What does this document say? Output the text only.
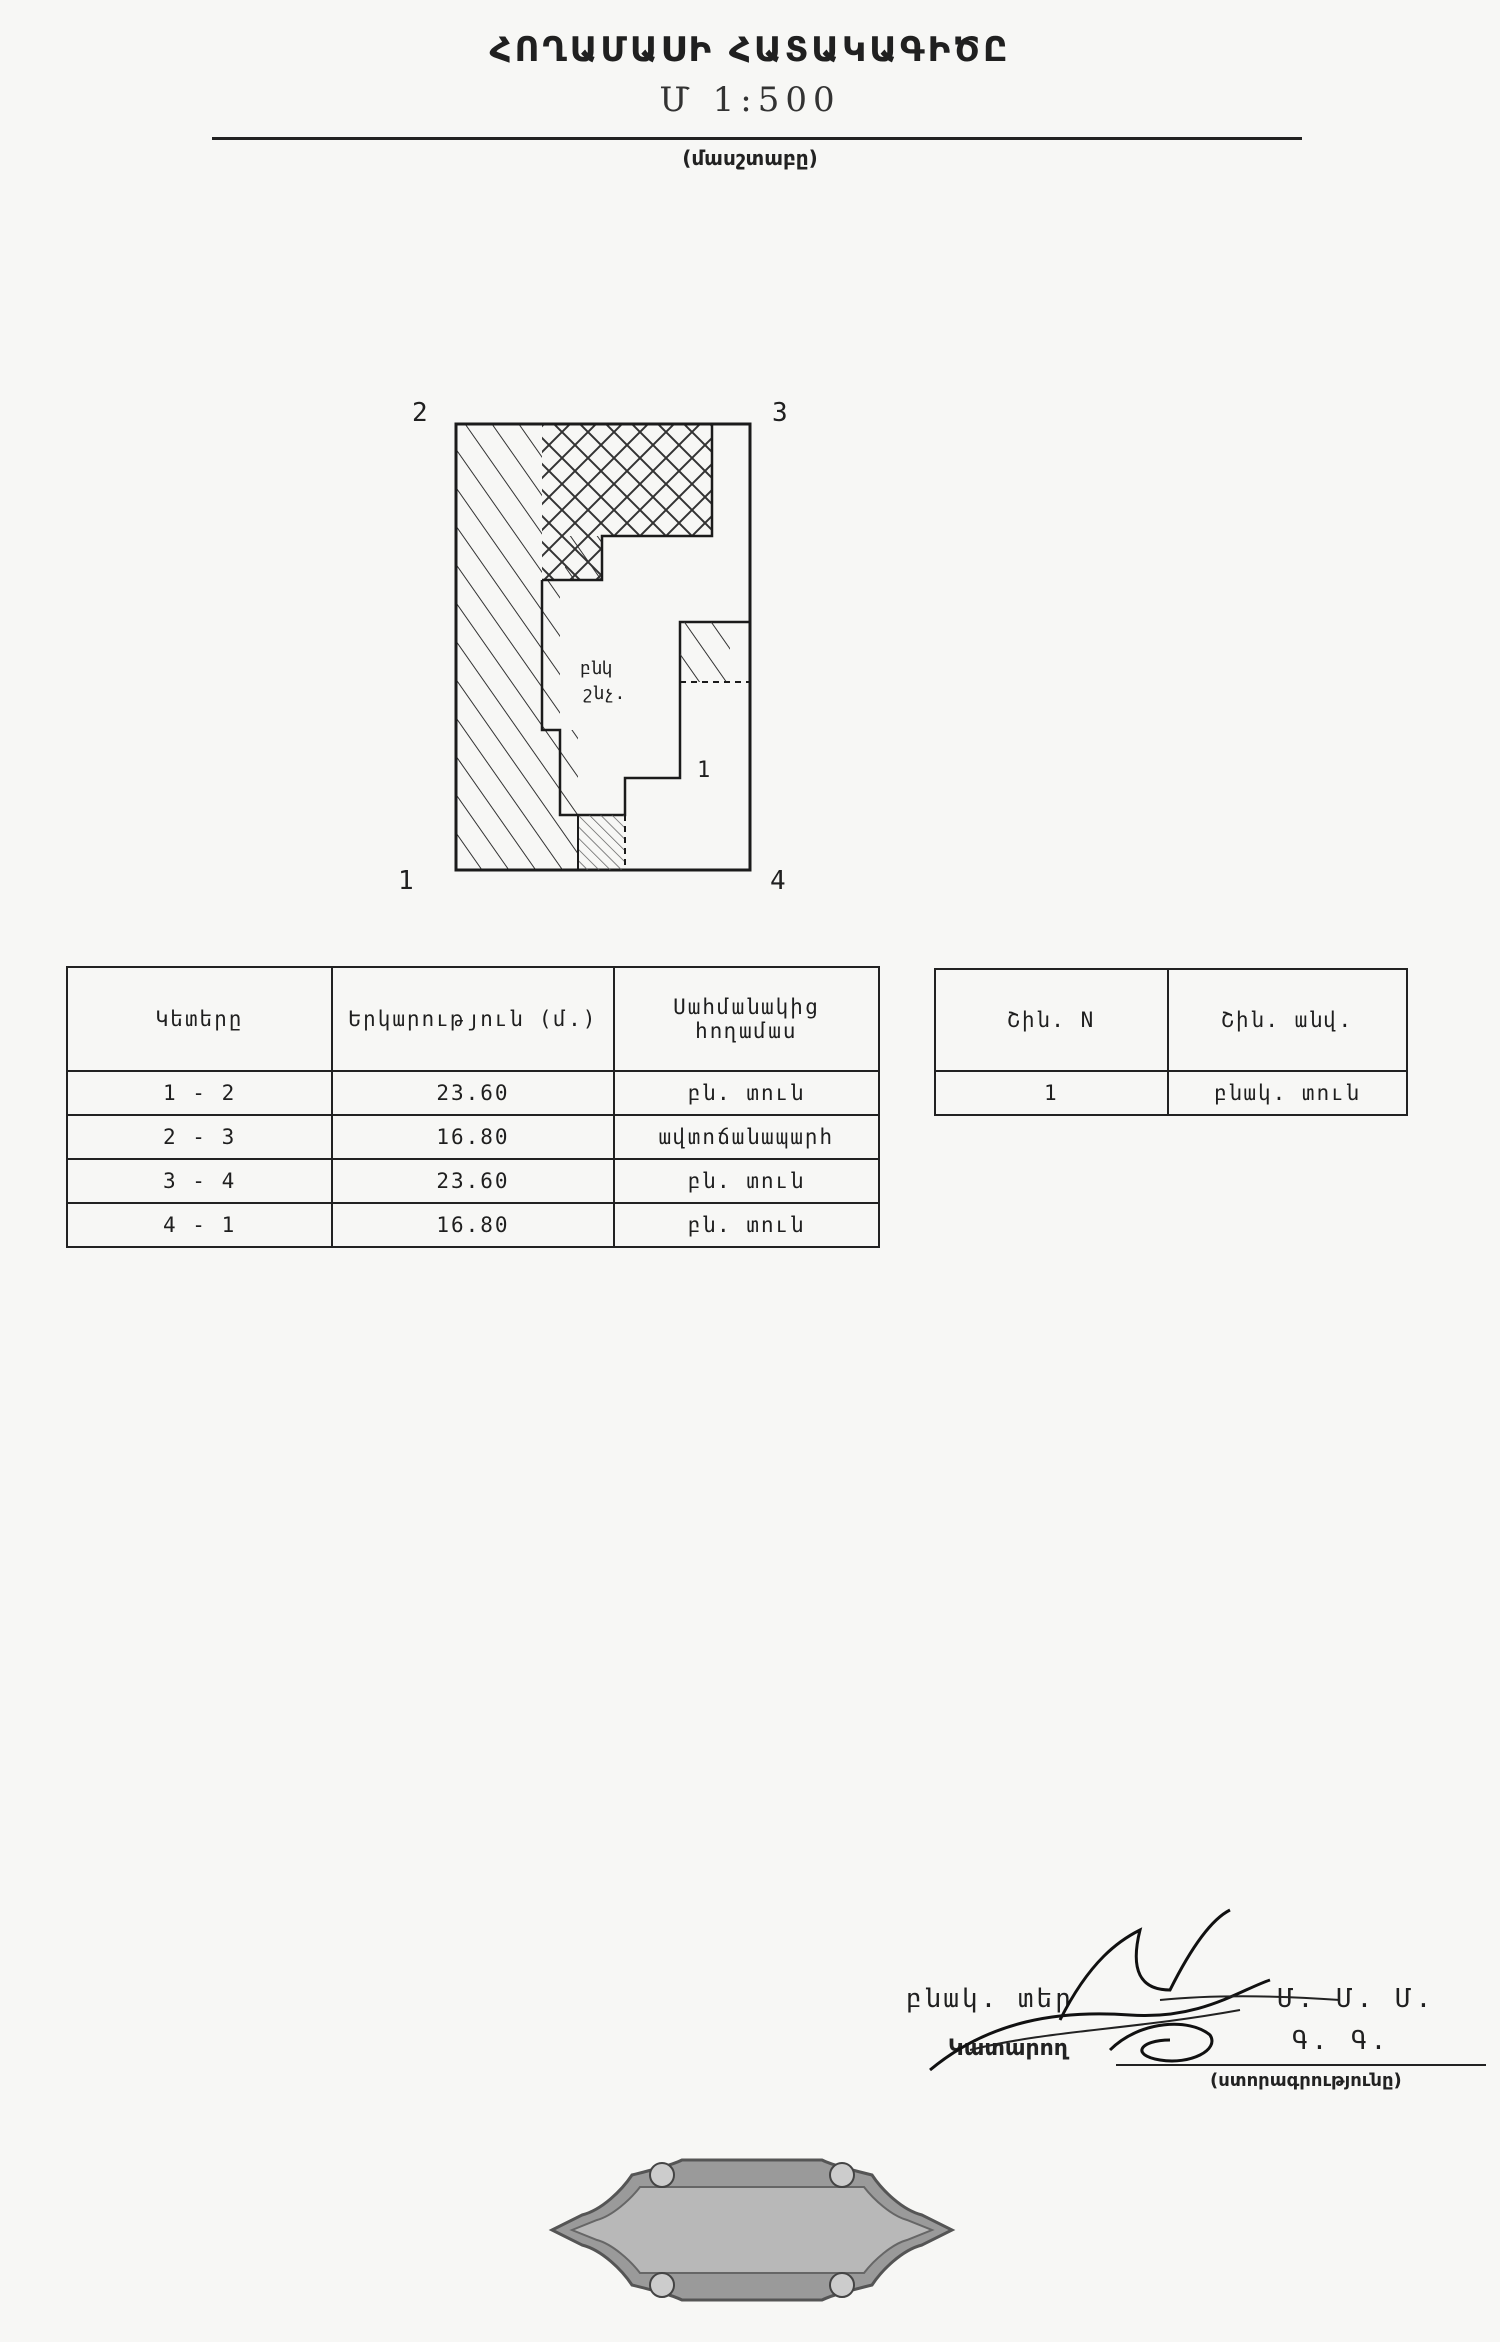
ՀՈՂԱՄԱՍԻ ՀԱՏԱԿԱԳԻԾԸ
Մ 1:500
(մասշտաբը)
2	3
1	4
1
բնկ
շնչ.
Կետերը	Երկարություն (մ.)	Սահմանակից հողամաս
1 - 2	23.60	բն. տուն
2 - 3	16.80	ավտոճանապարհ
3 - 4	23.60	բն. տուն
4 - 1	16.80	բն. տուն
Շին. N	Շին. անվ.
1	բնակ. տուն
բնակ. տեր	Մ. Մ. Մ.
Գ. Գ.
Կատարող
(ստորագրությունը)
